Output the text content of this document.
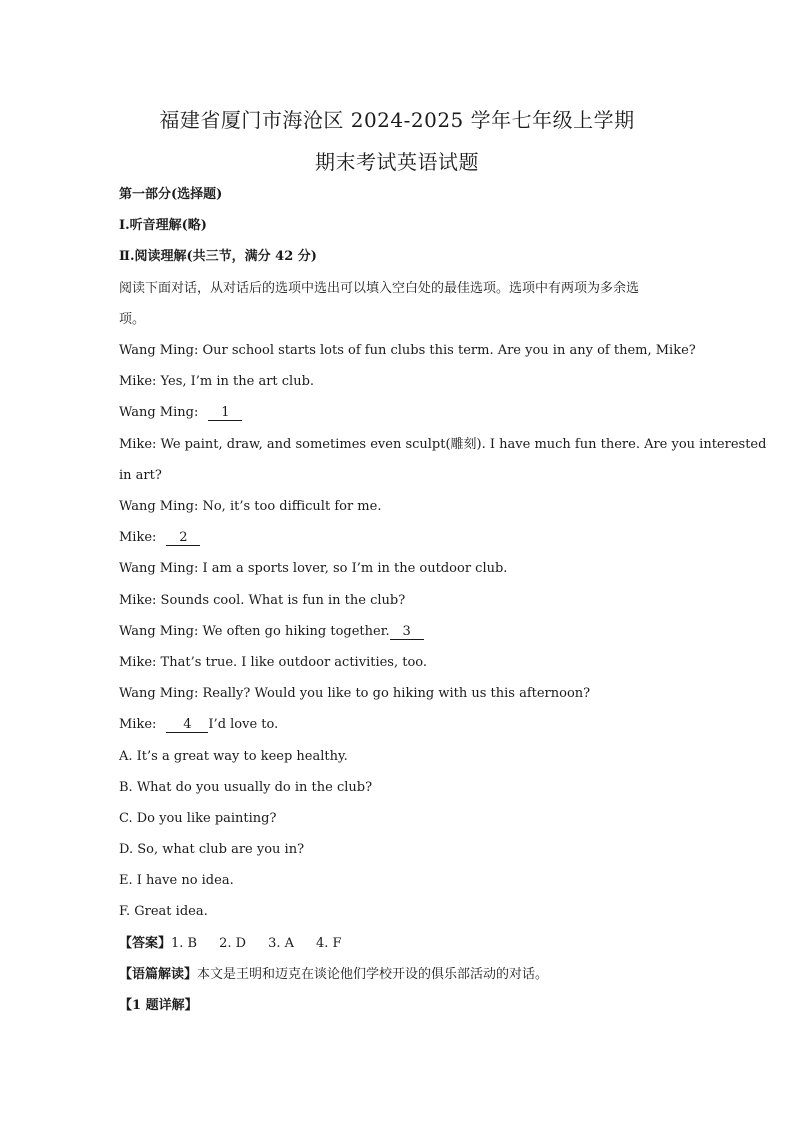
福建省厦门市海沧区 2024-2025 学年七年级上学期
期末考试英语试题
第一部分(选择题)
Ⅰ.听音理解(略)
Ⅱ.阅读理解(共三节，满分 42 分)
阅读下面对话，从对话后的选项中选出可以填入空白处的最佳选项。选项中有两项为多余选
项。
Wang Ming: Our school starts lots of fun clubs this term. Are you in any of them, Mike?
Mike: Yes, I’m in the art club.
Wang Ming: 1
Mike: We paint, draw, and sometimes even sculpt(雕刻). I have much fun there. Are you interested
in art?
Wang Ming: No, it’s too difficult for me.
Mike: 2
Wang Ming: I am a sports lover, so I’m in the outdoor club.
Mike: Sounds cool. What is fun in the club?
Wang Ming: We often go hiking together. 3
Mike: That’s true. I like outdoor activities, too.
Wang Ming: Really? Would you like to go hiking with us this afternoon?
Mike: 4 I’d love to.
A. It’s a great way to keep healthy.
B. What do you usually do in the club?
C. Do you like painting?
D. So, what club are you in?
E. I have no idea.
F. Great idea.
【答案】1. B 2. D 3. A 4. F
【语篇解读】本文是王明和迈克在谈论他们学校开设的俱乐部活动的对话。
【1 题详解】
